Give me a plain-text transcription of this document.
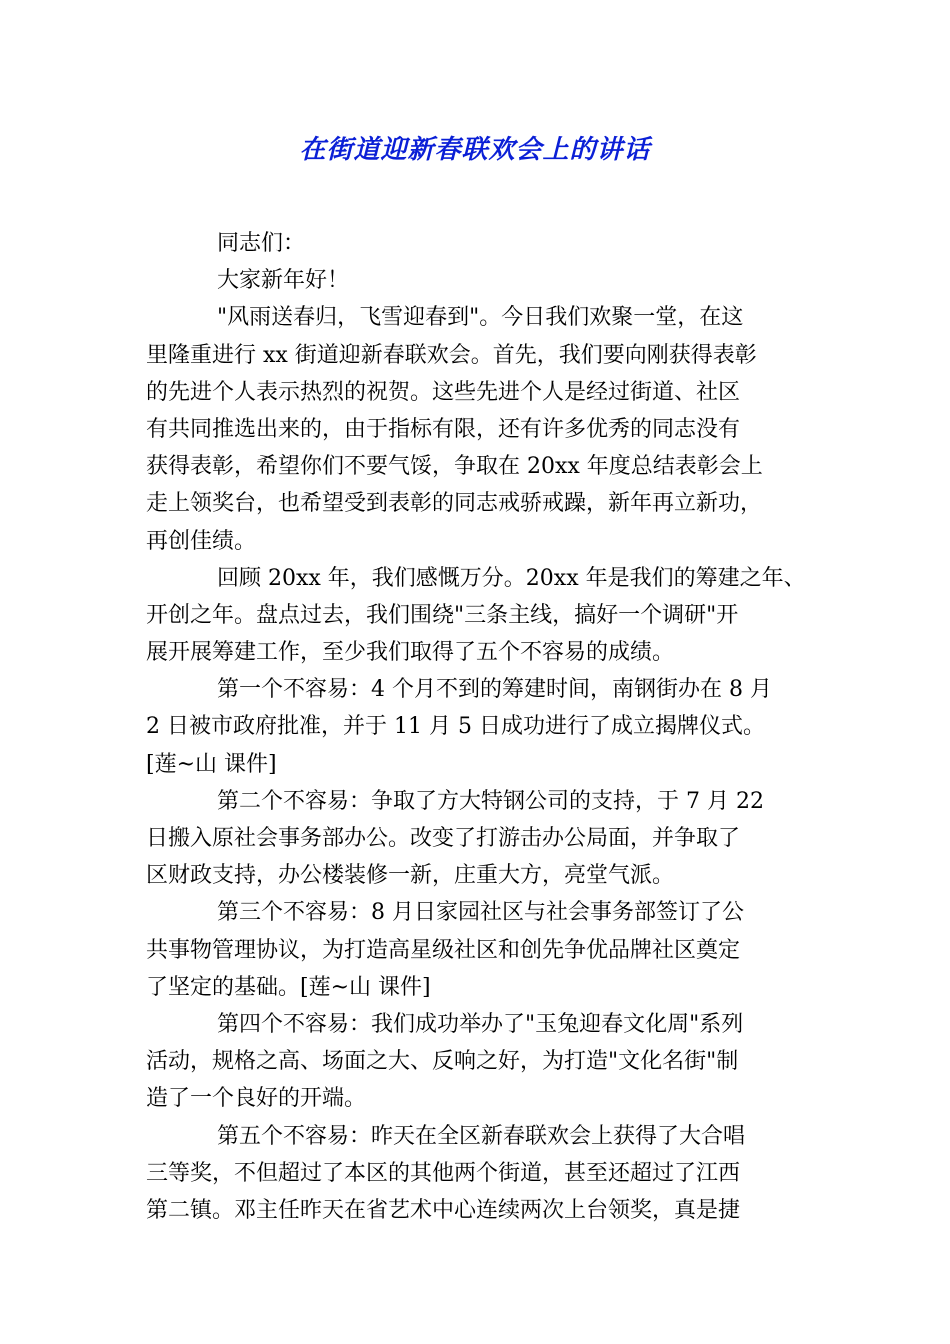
在街道迎新春联欢会上的讲话
同志们：
大家新年好！
"风雨送春归，飞雪迎春到"。今日我们欢聚一堂，在这
里隆重进行 xx 街道迎新春联欢会。首先，我们要向刚获得表彰
的先进个人表示热烈的祝贺。这些先进个人是经过街道、社区
有共同推选出来的，由于指标有限，还有许多优秀的同志没有
获得表彰，希望你们不要气馁，争取在 20xx 年度总结表彰会上
走上领奖台，也希望受到表彰的同志戒骄戒躁，新年再立新功，
再创佳绩。
回顾 20xx 年，我们感慨万分。20xx 年是我们的筹建之年、
开创之年。盘点过去，我们围绕"三条主线，搞好一个调研"开
展开展筹建工作，至少我们取得了五个不容易的成绩。
第一个不容易：4 个月不到的筹建时间，南钢街办在 8 月
2 日被市政府批准，并于 11 月 5 日成功进行了成立揭牌仪式。
[莲~山 课件]
第二个不容易：争取了方大特钢公司的支持，于 7 月 22
日搬入原社会事务部办公。改变了打游击办公局面，并争取了
区财政支持，办公楼装修一新，庄重大方，亮堂气派。
第三个不容易：8 月日家园社区与社会事务部签订了公
共事物管理协议，为打造高星级社区和创先争优品牌社区奠定
了坚定的基础。[莲~山 课件]
第四个不容易：我们成功举办了"玉兔迎春文化周"系列
活动，规格之高、场面之大、反响之好，为打造"文化名街"制
造了一个良好的开端。
第五个不容易：昨天在全区新春联欢会上获得了大合唱
三等奖，不但超过了本区的其他两个街道，甚至还超过了江西
第二镇。邓主任昨天在省艺术中心连续两次上台领奖，真是捷
